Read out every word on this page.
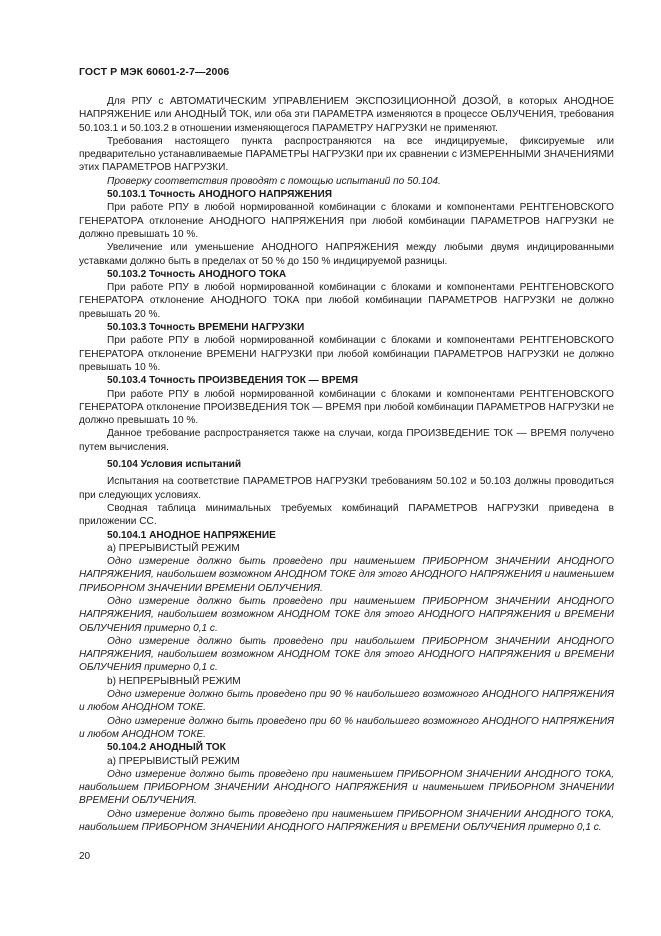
ГОСТ Р МЭК 60601-2-7—2006

Для РПУ с АВТОМАТИЧЕСКИМ УПРАВЛЕНИЕМ ЭКСПОЗИЦИОННОЙ ДОЗОЙ, в которых АНОДНОЕ НАПРЯЖЕНИЕ или АНОДНЫЙ ТОК, или оба эти ПАРАМЕТРА изменяются в процессе ОБЛУЧЕНИЯ, требования 50.103.1 и 50.103.2 в отношении изменяющегося ПАРАМЕТРУ НАГРУЗКИ не применяют.

Требования настоящего пункта распространяются на все индицируемые, фиксируемые или предварительно устанавливаемые ПАРАМЕТРЫ НАГРУЗКИ при их сравнении с ИЗМЕРЕННЫМИ ЗНАЧЕНИЯМИ этих ПАРАМЕТРОВ НАГРУЗКИ.

Проверку соответствия проводят с помощью испытаний по 50.104.

50.103.1 Точность АНОДНОГО НАПРЯЖЕНИЯ

При работе РПУ в любой нормированной комбинации с блоками и компонентами РЕНТГЕНОВСКОГО ГЕНЕРАТОРА отклонение АНОДНОГО НАПРЯЖЕНИЯ при любой комбинации ПАРАМЕТРОВ НАГРУЗКИ не должно превышать 10 %.

Увеличение или уменьшение АНОДНОГО НАПРЯЖЕНИЯ между любыми двумя индицированными уставками должно быть в пределах от 50 % до 150 % индицируемой разницы.

50.103.2 Точность АНОДНОГО ТОКА

При работе РПУ в любой нормированной комбинации с блоками и компонентами РЕНТГЕНОВСКОГО ГЕНЕРАТОРА отклонение АНОДНОГО ТОКА при любой комбинации ПАРАМЕТРОВ НАГРУЗКИ не должно превышать 20 %.

50.103.3 Точность ВРЕМЕНИ НАГРУЗКИ

При работе РПУ в любой нормированной комбинации с блоками и компонентами РЕНТГЕНОВСКОГО ГЕНЕРАТОРА отклонение ВРЕМЕНИ НАГРУЗКИ при любой комбинации ПАРАМЕТРОВ НАГРУЗКИ не должно превышать 10 %.

50.103.4 Точность ПРОИЗВЕДЕНИЯ ТОК — ВРЕМЯ

При работе РПУ в любой нормированной комбинации с блоками и компонентами РЕНТГЕНОВСКОГО ГЕНЕРАТОРА отклонение ПРОИЗВЕДЕНИЯ ТОК — ВРЕМЯ при любой комбинации ПАРАМЕТРОВ НАГРУЗКИ не должно превышать 10 %.

Данное требование распространяется также на случаи, когда ПРОИЗВЕДЕНИЕ ТОК — ВРЕМЯ получено путем вычисления.

50.104 Условия испытаний

Испытания на соответствие ПАРАМЕТРОВ НАГРУЗКИ требованиям 50.102 и 50.103 должны проводиться при следующих условиях.

Сводная таблица минимальных требуемых комбинаций ПАРАМЕТРОВ НАГРУЗКИ приведена в приложении СС.

50.104.1 АНОДНОЕ НАПРЯЖЕНИЕ

а) ПРЕРЫВИСТЫЙ РЕЖИМ

Одно измерение должно быть проведено при наименьшем ПРИБОРНОМ ЗНАЧЕНИИ АНОДНОГО НАПРЯЖЕНИЯ, наибольшем возможном АНОДНОМ ТОКЕ для этого АНОДНОГО НАПРЯЖЕНИЯ и наименьшем ПРИБОРНОМ ЗНАЧЕНИИ ВРЕМЕНИ ОБЛУЧЕНИЯ.

Одно измерение должно быть проведено при наименьшем ПРИБОРНОМ ЗНАЧЕНИИ АНОДНОГО НАПРЯЖЕНИЯ, наибольшем возможном АНОДНОМ ТОКЕ для этого АНОДНОГО НАПРЯЖЕНИЯ и ВРЕМЕНИ ОБЛУЧЕНИЯ примерно 0,1 с.

Одно измерение должно быть проведено при наибольшем ПРИБОРНОМ ЗНАЧЕНИИ АНОДНОГО НАПРЯЖЕНИЯ, наибольшем возможном АНОДНОМ ТОКЕ для этого АНОДНОГО НАПРЯЖЕНИЯ и ВРЕМЕНИ ОБЛУЧЕНИЯ примерно 0,1 с.

b) НЕПРЕРЫВНЫЙ РЕЖИМ

Одно измерение должно быть проведено при 90 % наибольшего возможного АНОДНОГО НАПРЯЖЕНИЯ и любом АНОДНОМ ТОКЕ.

Одно измерение должно быть проведено при 60 % наибольшего возможного АНОДНОГО НАПРЯЖЕНИЯ и любом АНОДНОМ ТОКЕ.

50.104.2 АНОДНЫЙ ТОК

а) ПРЕРЫВИСТЫЙ РЕЖИМ

Одно измерение должно быть проведено при наименьшем ПРИБОРНОМ ЗНАЧЕНИИ АНОДНОГО ТОКА, наибольшем ПРИБОРНОМ ЗНАЧЕНИИ АНОДНОГО НАПРЯЖЕНИЯ и наименьшем ПРИБОРНОМ ЗНАЧЕНИИ ВРЕМЕНИ ОБЛУЧЕНИЯ.

Одно измерение должно быть проведено при наименьшем ПРИБОРНОМ ЗНАЧЕНИИ АНОДНОГО ТОКА, наибольшем ПРИБОРНОМ ЗНАЧЕНИИ АНОДНОГО НАПРЯЖЕНИЯ и ВРЕМЕНИ ОБЛУЧЕНИЯ примерно 0,1 с.

20
